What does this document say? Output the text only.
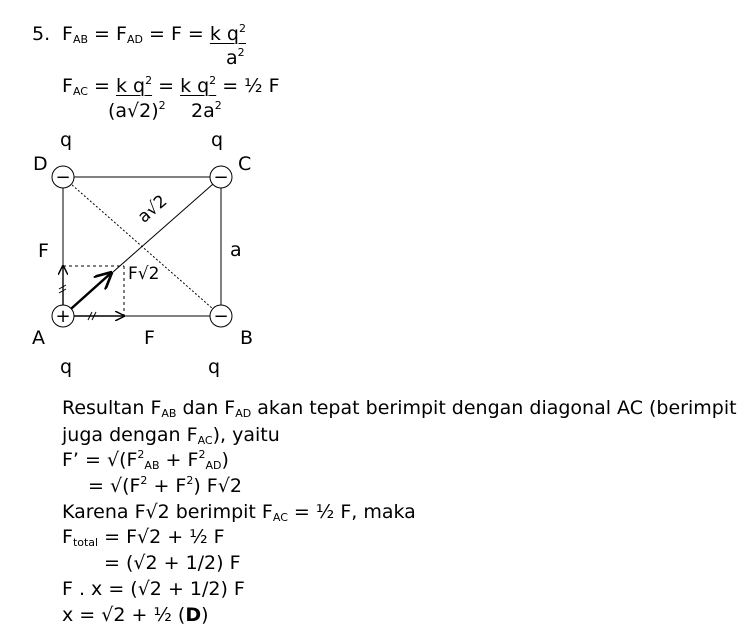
5. $F_{AB} = F_{AD} = F = k$ $q^2$
$a^2$
$F_{AC} = k$ $q^2 = k$ $q^2$ = ½ F
$(a√2)^2$ $2a^2$
−	−
−
+
a√2
q	q
q	q
D	C
A	B
a
F
F
F√2
Resultan $F_{AB}$ dan $F_{AD}$ akan tepat berimpit dengan diagonal AC (berimpit
juga dengan $F_{AC}$), yaitu
F’ = $√(F^2_{AB} + F^2_{AD})$
= $√(F^2 + F^2)$ F√2
Karena F√2 berimpit $F_{AC}$ = ½ F, maka
$F_{total} = F√2$ + ½ F
= (√2 + 1/2) F
F . x = (√2 + 1/2) F
x = √2 + ½ (D)
